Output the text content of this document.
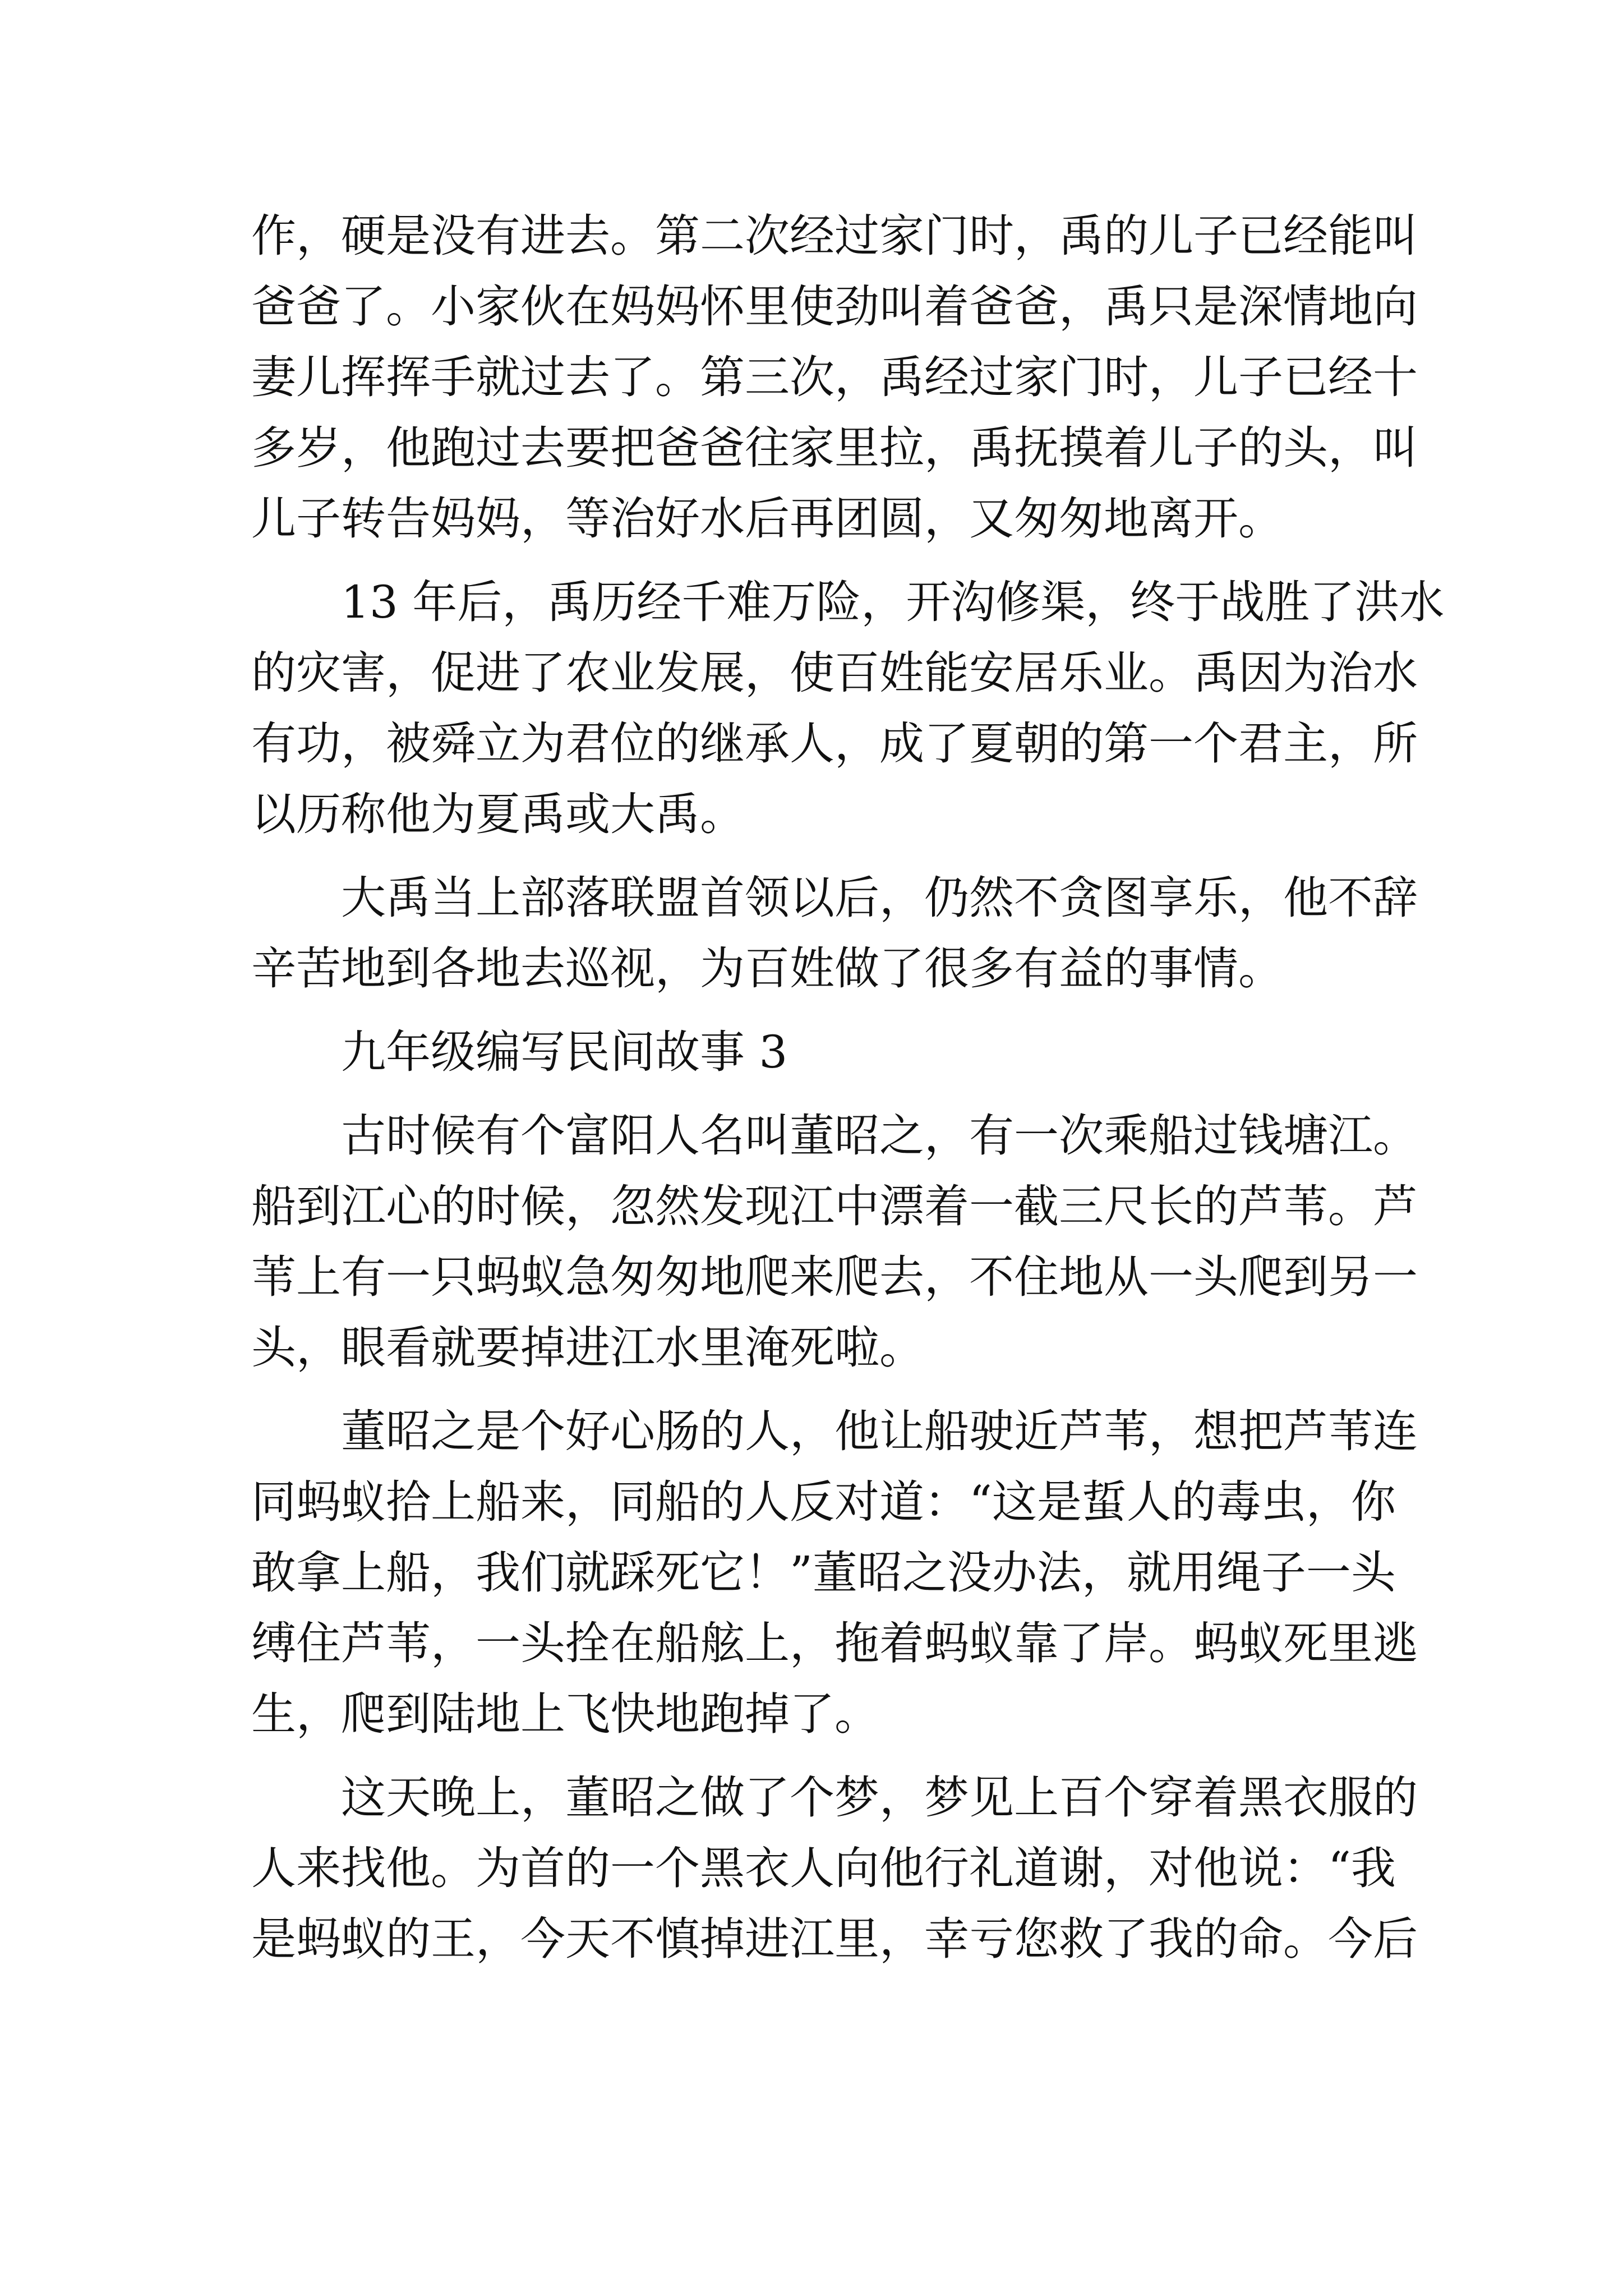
作，硬是没有进去。第二次经过家门时，禹的儿子已经能叫
爸爸了。小家伙在妈妈怀里使劲叫着爸爸，禹只是深情地向
妻儿挥挥手就过去了。第三次，禹经过家门时，儿子已经十
多岁，他跑过去要把爸爸往家里拉，禹抚摸着儿子的头，叫
儿子转告妈妈，等治好水后再团圆，又匆匆地离开。
　　13 年后，禹历经千难万险，开沟修渠，终于战胜了洪水
的灾害，促进了农业发展，使百姓能安居乐业。禹因为治水
有功，被舜立为君位的继承人，成了夏朝的第一个君主，所
以历称他为夏禹或大禹。
　　大禹当上部落联盟首领以后，仍然不贪图享乐，他不辞
辛苦地到各地去巡视，为百姓做了很多有益的事情。
　　九年级编写民间故事 3
　　古时候有个富阳人名叫董昭之，有一次乘船过钱塘江。
船到江心的时候，忽然发现江中漂着一截三尺长的芦苇。芦
苇上有一只蚂蚁急匆匆地爬来爬去，不住地从一头爬到另一
头，眼看就要掉进江水里淹死啦。
　　董昭之是个好心肠的人，他让船驶近芦苇，想把芦苇连
同蚂蚁拾上船来，同船的人反对道：“这是蜇人的毒虫，你
敢拿上船，我们就踩死它！”董昭之没办法，就用绳子一头
缚住芦苇，一头拴在船舷上，拖着蚂蚁靠了岸。蚂蚁死里逃
生，爬到陆地上飞快地跑掉了。
　　这天晚上，董昭之做了个梦，梦见上百个穿着黑衣服的
人来找他。为首的一个黑衣人向他行礼道谢，对他说：“我
是蚂蚁的王，今天不慎掉进江里，幸亏您救了我的命。今后
